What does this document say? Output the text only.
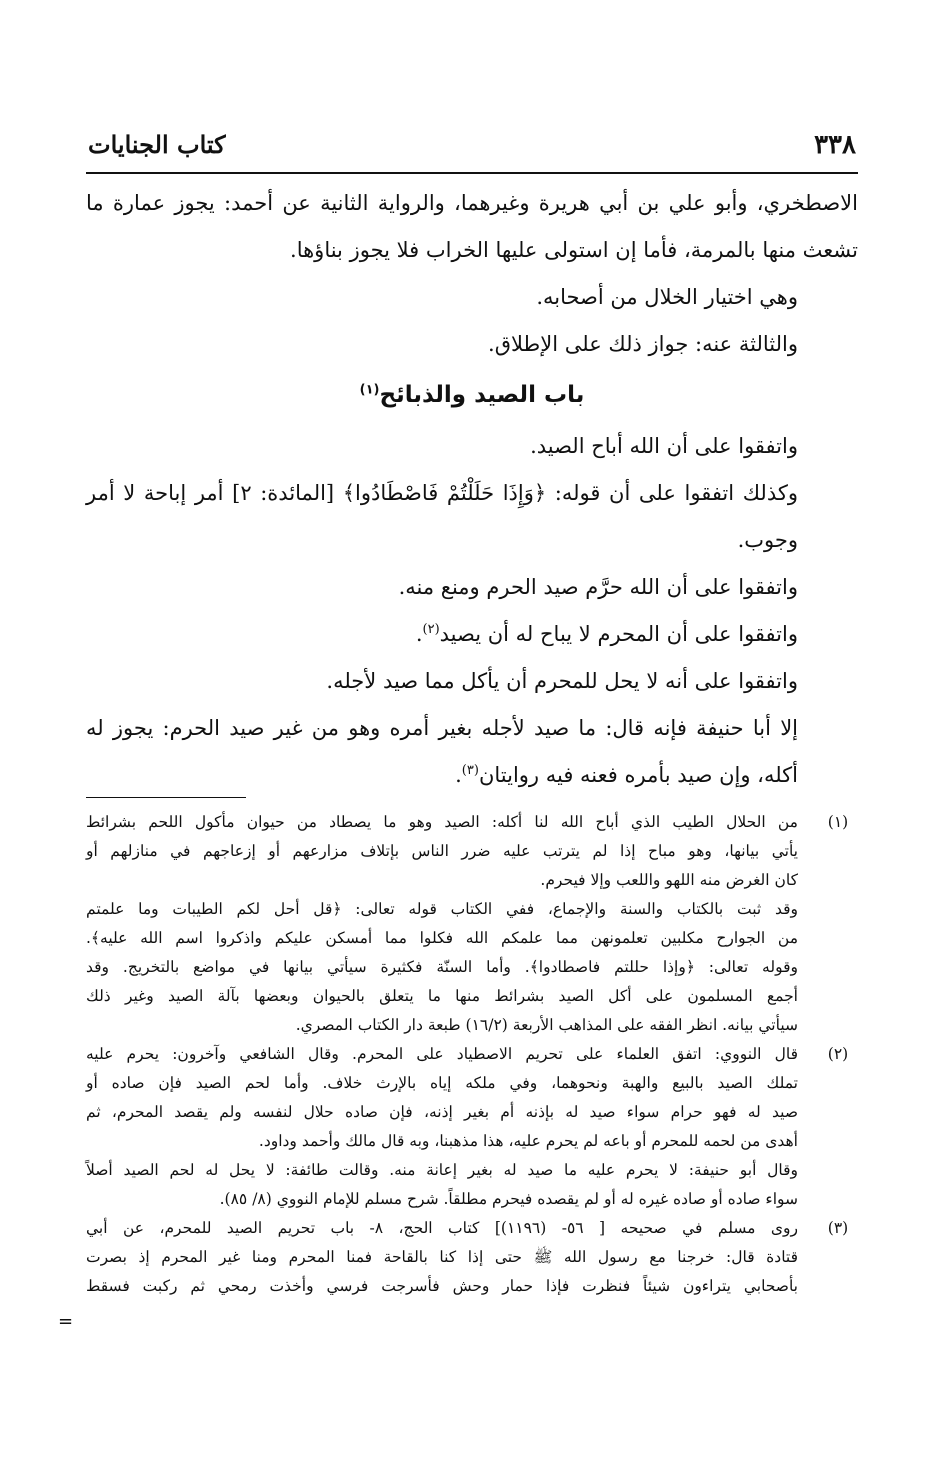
٣٣٨
كتاب الجنايات

الاصطخري، وأبو علي بن أبي هريرة وغيرهما، والرواية الثانية عن أحمد: يجوز عمارة ما تشعث منها بالمرمة، فأما إن استولى عليها الخراب فلا يجوز بناؤها.

وهي اختيار الخلال من أصحابه.

والثالثة عنه: جواز ذلك على الإطلاق.

باب الصيد والذبائح$^{(١)}$

واتفقوا على أن الله أباح الصيد.

وكذلك اتفقوا على أن قوله: ﴿وَإِذَا حَلَلْتُمْ فَاصْطَادُوا﴾ [المائدة: ٢] أمر إباحة لا أمر وجوب.

واتفقوا على أن الله حرَّم صيد الحرم ومنع منه.

واتفقوا على أن المحرم لا يباح له أن يصيد$^{(٢)}$.

واتفقوا على أنه لا يحل للمحرم أن يأكل مما صيد لأجله.

إلا أبا حنيفة فإنه قال: ما صيد لأجله بغير أمره وهو من غير صيد الحرم: يجوز له أكله، وإن صيد بأمره فعنه فيه روايتان$^{(٣)}$.

(١)
من الحلال الطيب الذي أباح الله لنا أكله: الصيد وهو ما يصطاد من حيوان مأكول اللحم بشرائط
يأتي بيانها، وهو مباح إذا لم يترتب عليه ضرر الناس بإتلاف مزارعهم أو إزعاجهم في منازلهم أو
كان الغرض منه اللهو واللعب وإلا فيحرم.
وقد ثبت بالكتاب والسنة والإجماع، ففي الكتاب قوله تعالى: ﴿قل أحل لكم الطيبات وما علمتم
من الجوارح مكلبين تعلمونهن مما علمكم الله فكلوا مما أمسكن عليكم واذكروا اسم الله عليه﴾.
وقوله تعالى: ﴿وإذا حللتم فاصطادوا﴾. وأما السنّة فكثيرة سيأتي بيانها في مواضع بالتخريج. وقد
أجمع المسلمون على أكل الصيد بشرائط منها ما يتعلق بالحيوان وبعضها بآلة الصيد وغير ذلك
سيأتي بيانه. انظر الفقه على المذاهب الأربعة (١٦/٢) طبعة دار الكتاب المصري.
(٢)
قال النووي: اتفق العلماء على تحريم الاصطياد على المحرم. وقال الشافعي وآخرون: يحرم عليه
تملك الصيد بالبيع والهبة ونحوهما، وفي ملكه إياه بالإرث خلاف. وأما لحم الصيد فإن صاده أو
صيد له فهو حرام سواء صيد له بإذنه أم بغير إذنه، فإن صاده حلال لنفسه ولم يقصد المحرم، ثم
أهدى من لحمه للمحرم أو باعه لم يحرم عليه، هذا مذهبنا، وبه قال مالك وأحمد وداود.
وقال أبو حنيفة: لا يحرم عليه ما صيد له بغير إعانة منه. وقالت طائفة: لا يحل له لحم الصيد أصلاً
سواء صاده أو صاده غيره له أو لم يقصده فيحرم مطلقاً. شرح مسلم للإمام النووي (٨/ ٨٥).
(٣)
روى مسلم في صحيحه [ ٥٦- (١١٩٦)] كتاب الحج، ٨- باب تحريم الصيد للمحرم، عن أبي
قتادة قال: خرجنا مع رسول الله ﷺ حتى إذا كنا بالقاحة فمنا المحرم ومنا غير المحرم إذ بصرت
بأصحابي يتراءون شيئاً فنظرت فإذا حمار وحش فأسرجت فرسي وأخذت رمحي ثم ركبت فسقط
=
